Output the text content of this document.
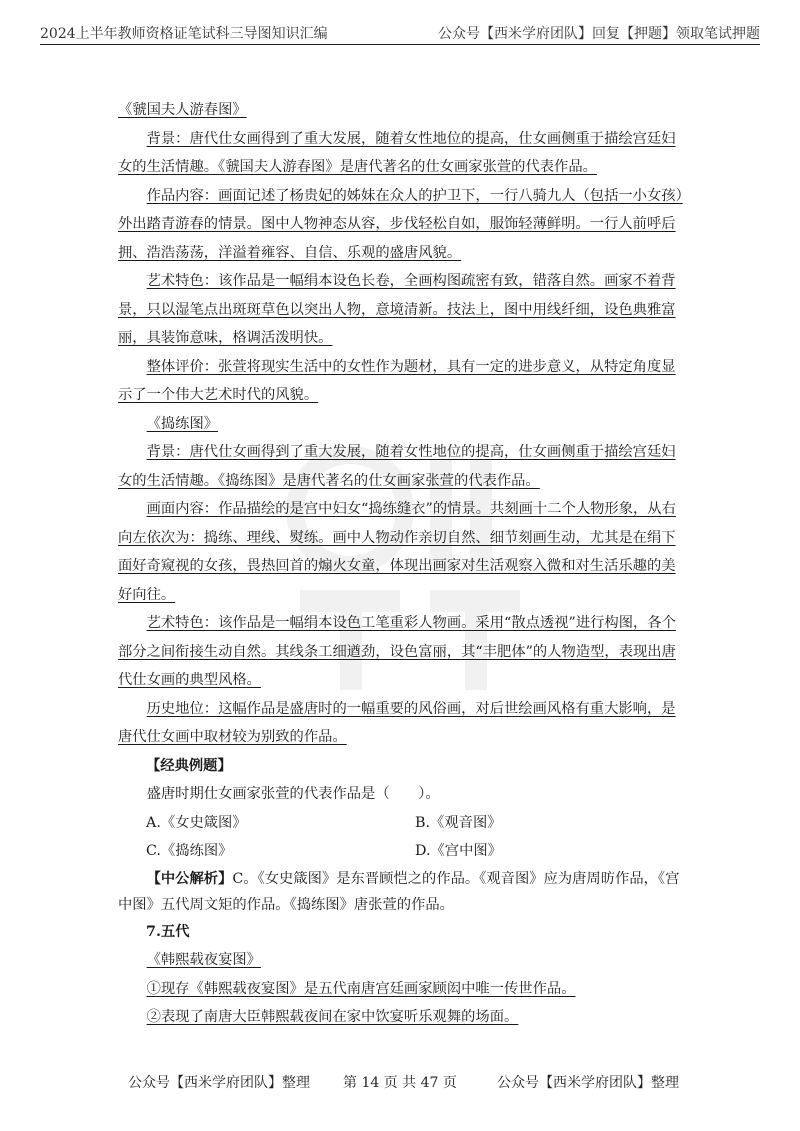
2024上半年教师资格证笔试科三导图知识汇编	公众号【西米学府团队】回复【押题】领取笔试押题

《虢国夫人游春图》

背景：唐代仕女画得到了重大发展，随着女性地位的提高，仕女画侧重于描绘宫廷妇女的生活情趣。《虢国夫人游春图》是唐代著名的仕女画家张萱的代表作品。

作品内容：画面记述了杨贵妃的姊妹在众人的护卫下，一行八骑九人（包括一小女孩）外出踏青游春的情景。图中人物神态从容，步伐轻松自如，服饰轻薄鲜明。一行人前呼后拥、浩浩荡荡，洋溢着雍容、自信、乐观的盛唐风貌。

艺术特色：该作品是一幅绢本设色长卷，全画构图疏密有致，错落自然。画家不着背景，只以湿笔点出斑斑草色以突出人物，意境清新。技法上，图中用线纤细，设色典雅富丽，具装饰意味，格调活泼明快。

整体评价：张萱将现实生活中的女性作为题材，具有一定的进步意义，从特定角度显示了一个伟大艺术时代的风貌。

《捣练图》

背景：唐代仕女画得到了重大发展，随着女性地位的提高，仕女画侧重于描绘宫廷妇女的生活情趣。《捣练图》是唐代著名的仕女画家张萱的代表作品。

画面内容：作品描绘的是宫中妇女“捣练缝衣”的情景。共刻画十二个人物形象，从右向左依次为：捣练、理线、熨练。画中人物动作亲切自然、细节刻画生动，尤其是在绢下面好奇窥视的女孩，畏热回首的煽火女童，体现出画家对生活观察入微和对生活乐趣的美好向往。

艺术特色：该作品是一幅绢本设色工笔重彩人物画。采用“散点透视”进行构图，各个部分之间衔接生动自然。其线条工细遒劲，设色富丽，其“丰肥体”的人物造型，表现出唐代仕女画的典型风格。

历史地位：这幅作品是盛唐时的一幅重要的风俗画，对后世绘画风格有重大影响，是唐代仕女画中取材较为别致的作品。

【经典例题】

盛唐时期仕女画家张萱的代表作品是（　　）。

A.《女史箴图》	B.《观音图》

C.《捣练图》	D.《宫中图》

【中公解析】C。《女史箴图》是东晋顾恺之的作品。《观音图》应为唐周昉作品，《宫中图》五代周文矩的作品。《捣练图》唐张萱的作品。

7.五代

《韩熙载夜宴图》

①现存《韩熙载夜宴图》是五代南唐宫廷画家顾闳中唯一传世作品。

②表现了南唐大臣韩熙载夜间在家中饮宴听乐观舞的场面。

公众号【西米学府团队】整理 第 14 页 共 47 页	公众号【西米学府团队】整理
